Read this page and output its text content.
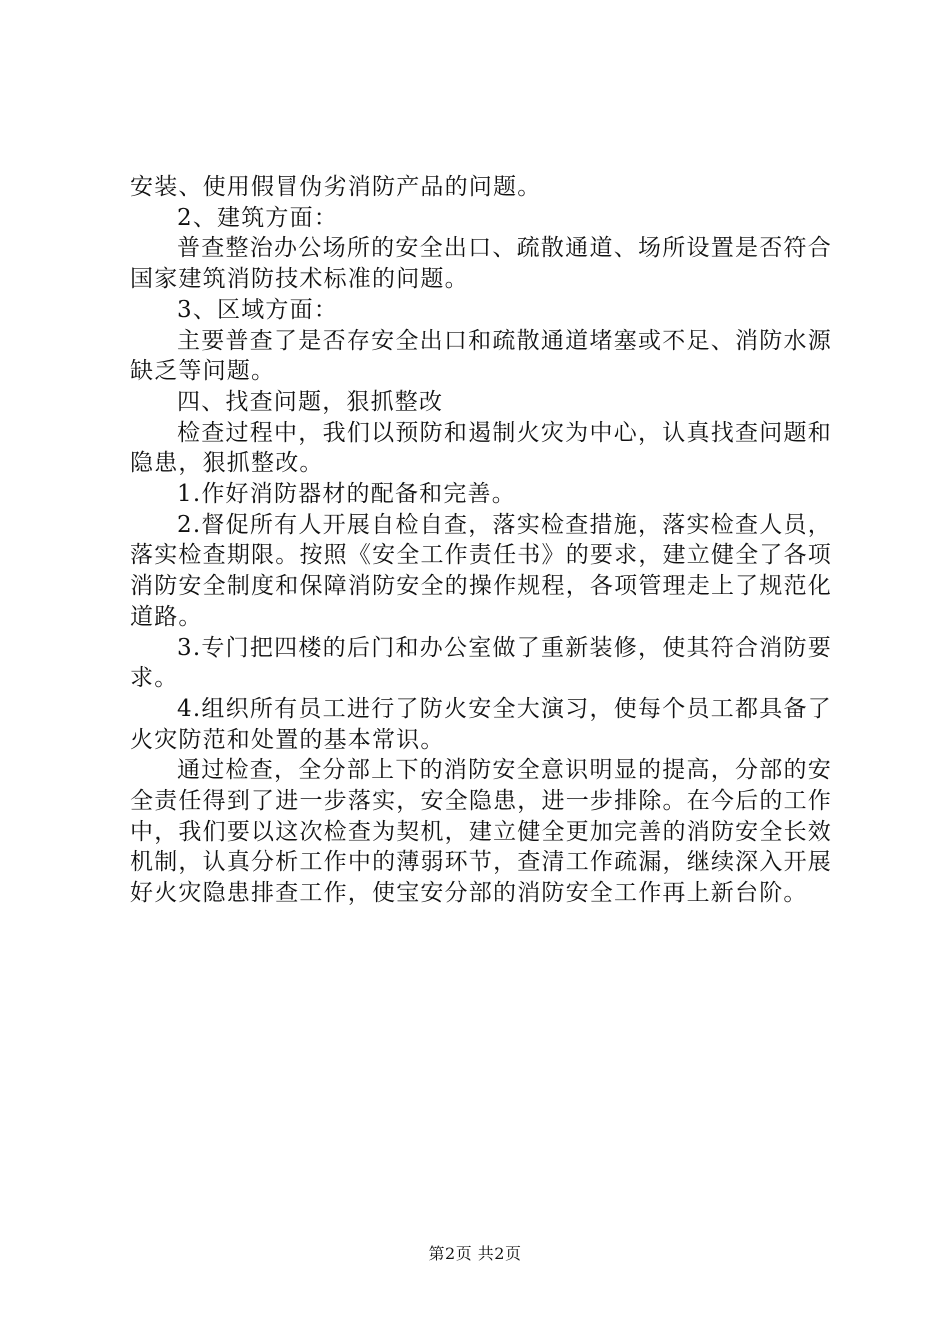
安装、使用假冒伪劣消防产品的问题。

2、建筑方面：

普查整治办公场所的安全出口、疏散通道、场所设置是否符合国家建筑消防技术标准的问题。

3、区域方面：

主要普查了是否存安全出口和疏散通道堵塞或不足、消防水源缺乏等问题。

四、找查问题，狠抓整改

检查过程中，我们以预防和遏制火灾为中心，认真找查问题和隐患，狠抓整改。

1.作好消防器材的配备和完善。

2.督促所有人开展自检自查，落实检查措施，落实检查人员，落实检查期限。按照《安全工作责任书》的要求，建立健全了各项消防安全制度和保障消防安全的操作规程，各项管理走上了规范化道路。

3.专门把四楼的后门和办公室做了重新装修，使其符合消防要求。

4.组织所有员工进行了防火安全大演习，使每个员工都具备了火灾防范和处置的基本常识。

通过检查，全分部上下的消防安全意识明显的提高，分部的安全责任得到了进一步落实，安全隐患，进一步排除。在今后的工作中，我们要以这次检查为契机，建立健全更加完善的消防安全长效机制，认真分析工作中的薄弱环节，查清工作疏漏，继续深入开展好火灾隐患排查工作，使宝安分部的消防安全工作再上新台阶。

第2页 共2页
